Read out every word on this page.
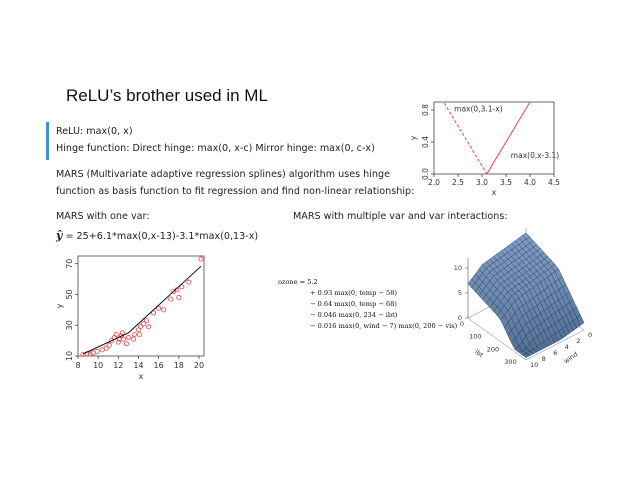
ReLU’s brother used in ML
ReLU: max(0, x)
Hinge function: Direct hinge: max(0, x-c) Mirror hinge: max(0, c-x)
MARS (Multivariate adaptive regression splines) algorithm uses hinge
function as basis function to fit regression and find non-linear relationship:
MARS with one var:	MARS with multiple var and var interactions:
ŷ = 25+6.1*max(0,x-13)-3.1*max(0,13-x)
max(0,3.1-x)
max(0,x-3.1)
2.0 2.5 3.0 3.5 4.0 4.5
0.0
0.4
0.8
x
y
8 10 12 14 16 18 20
10
30
50
70
x
y
ozone = 5.2
+ 0.93 max(0, temp − 58)
− 0.64 max(0, temp − 68)
− 0.046 max(0, 234 − ibt)
− 0.016 max(0, wind − 7) max(0, 200 − vis)
0
5
10
0
100
200
300
ibt
0
2
4
6
8
10	wind
